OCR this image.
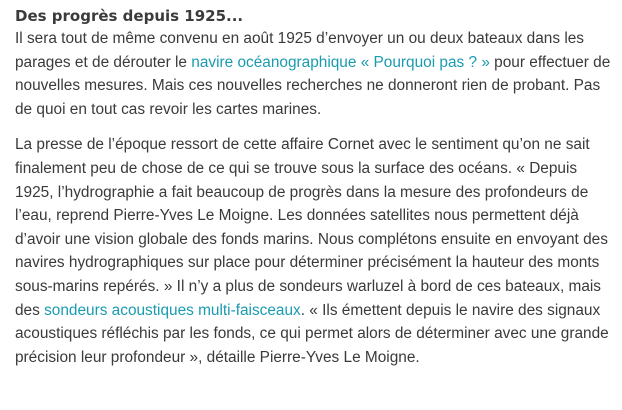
Des progrès depuis 1925...

Il sera tout de même convenu en août 1925 d’envoyer un ou deux bateaux dans les parages et de dérouter le navire océanographique « Pourquoi pas ? » pour effectuer de nouvelles mesures. Mais ces nouvelles recherches ne donneront rien de probant. Pas de quoi en tout cas revoir les cartes marines.

La presse de l’époque ressort de cette affaire Cornet avec le sentiment qu’on ne sait finalement peu de chose de ce qui se trouve sous la surface des océans. « Depuis 1925, l’hydrographie a fait beaucoup de progrès dans la mesure des profondeurs de l’eau, reprend Pierre-Yves Le Moigne. Les données satellites nous permettent déjà d’avoir une vision globale des fonds marins. Nous complétons ensuite en envoyant des navires hydrographiques sur place pour déterminer précisément la hauteur des monts sous-marins repérés. » Il n’y a plus de sondeurs warluzel à bord de ces bateaux, mais des sondeurs acoustiques multi-faisceaux. « Ils émettent depuis le navire des signaux acoustiques réfléchis par les fonds, ce qui permet alors de déterminer avec une grande précision leur profondeur », détaille Pierre-Yves Le Moigne.
